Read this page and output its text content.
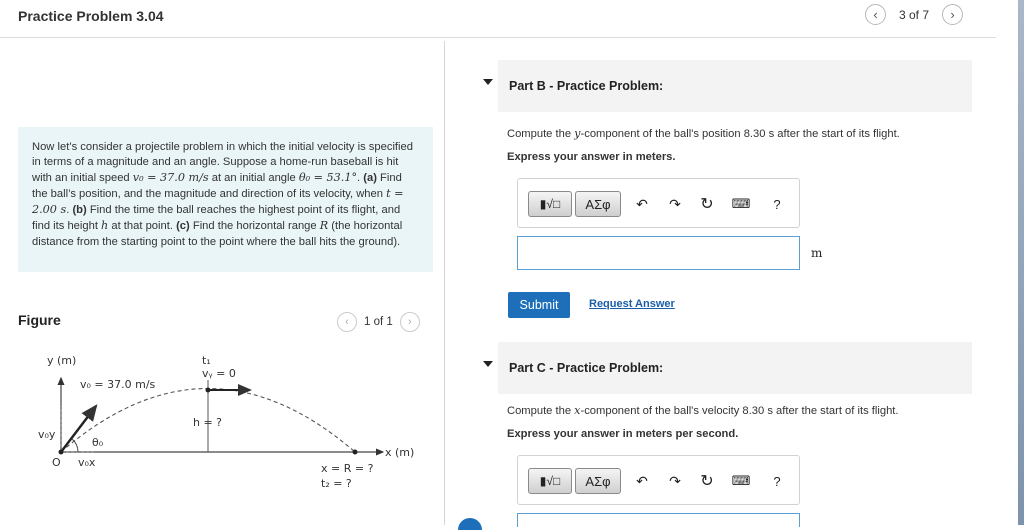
Practice Problem 3.04	‹ 3 of 7 ›
Now let’s consider a projectile problem in which the initial velocity is specified in terms of a magnitude and an angle. Suppose a home-run baseball is hit with an initial speed v₀ = 37.0 m/s at an initial angle θ₀ = 53.1°. (a) Find the ball’s position, and the magnitude and direction of its velocity, when t = 2.00 s. (b) Find the time the ball reaches the highest point of its flight, and find its height h at that point. (c) Find the horizontal range R (the horizontal distance from the starting point to the point where the ball hits the ground).
Figure	‹ 1 of 1 ›
y (m)
x (m)
v₀ = 37.0 m/s
t₁
vᵧ = 0
h = ?
v₀y
θ₀
v₀x
O	x = R = ?
t₂ = ?
Part B - Practice Problem:
Compute the y-component of the ball's position 8.30 s after the start of its flight.
Express your answer in meters.
▮√□	ΑΣφ	↶ ↷ ↻ ⌨	?
m
Submit	Request Answer
Part C - Practice Problem:
Compute the x-component of the ball's velocity 8.30 s after the start of its flight.
Express your answer in meters per second.
▮√□	ΑΣφ	↶ ↷ ↻ ⌨	?
